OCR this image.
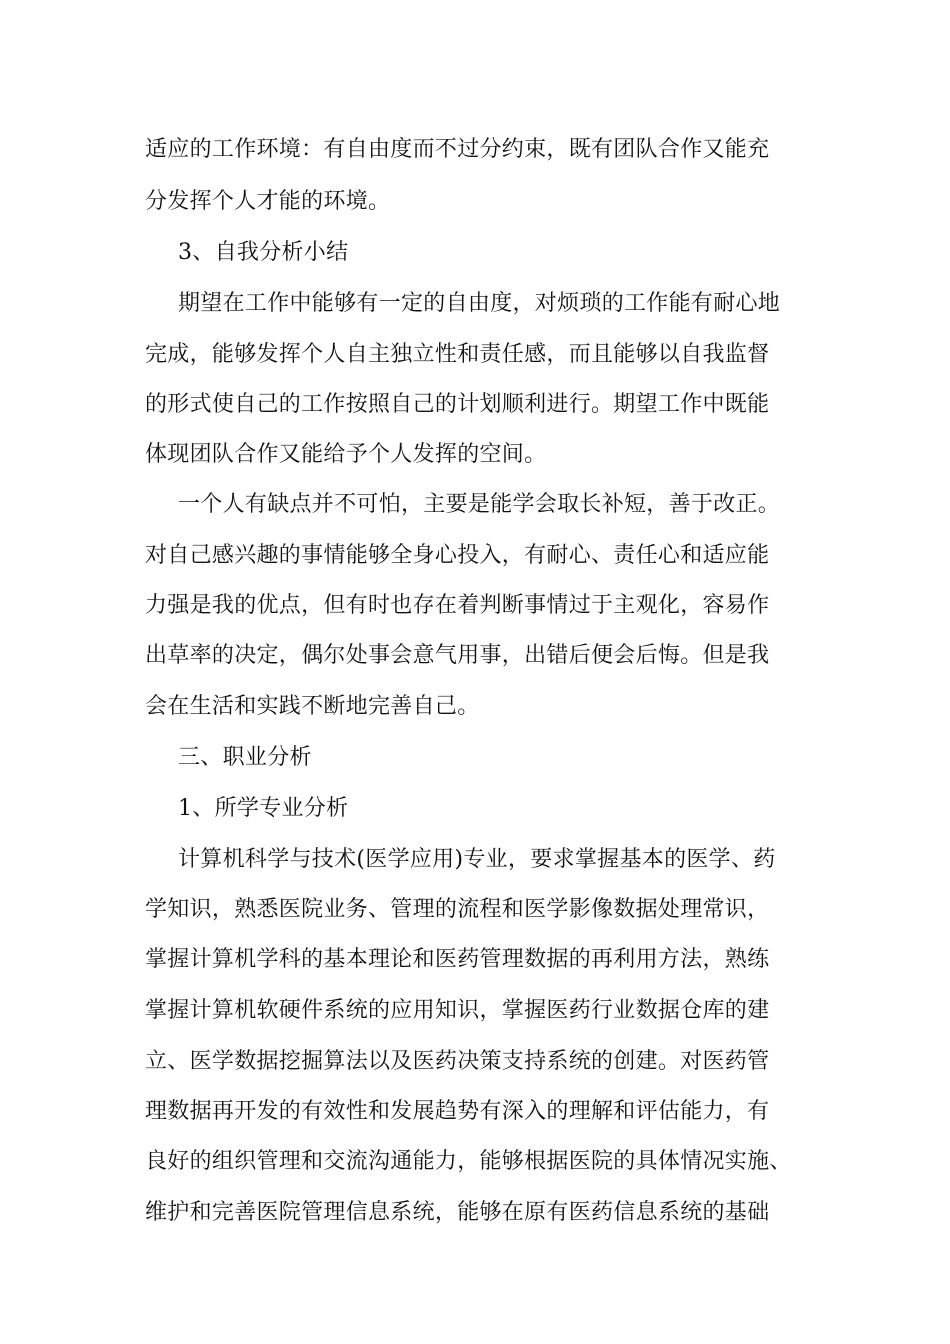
适应的工作环境：有自由度而不过分约束，既有团队合作又能充
分发挥个人才能的环境。
3、自我分析小结
期望在工作中能够有一定的自由度，对烦琐的工作能有耐心地
完成，能够发挥个人自主独立性和责任感，而且能够以自我监督
的形式使自己的工作按照自己的计划顺利进行。期望工作中既能
体现团队合作又能给予个人发挥的空间。
一个人有缺点并不可怕，主要是能学会取长补短，善于改正。
对自己感兴趣的事情能够全身心投入，有耐心、责任心和适应能
力强是我的优点，但有时也存在着判断事情过于主观化，容易作
出草率的决定，偶尔处事会意气用事，出错后便会后悔。但是我
会在生活和实践不断地完善自己。
三、职业分析
1、所学专业分析
计算机科学与技术(医学应用)专业，要求掌握基本的医学、药
学知识，熟悉医院业务、管理的流程和医学影像数据处理常识，
掌握计算机学科的基本理论和医药管理数据的再利用方法，熟练
掌握计算机软硬件系统的应用知识，掌握医药行业数据仓库的建
立、医学数据挖掘算法以及医药决策支持系统的创建。对医药管
理数据再开发的有效性和发展趋势有深入的理解和评估能力，有
良好的组织管理和交流沟通能力，能够根据医院的具体情况实施、
维护和完善医院管理信息系统，能够在原有医药信息系统的基础
